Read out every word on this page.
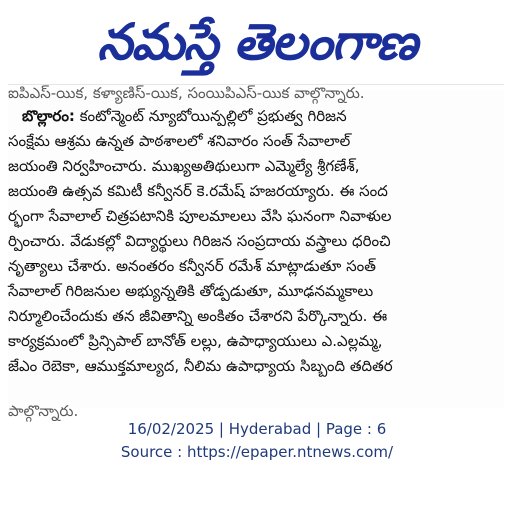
నమస్తే తెలంగాణ
ఐపిఎస్-యిక, కళ్యాణిస్-యిక, సంయిపిఎస్-యిక వాల్గొన్నారు.
బొల్లారం: కంటోన్మెంట్ న్యూబోయిన్పల్లిలో ప్రభుత్వ గిరిజన
సంక్షేమ ఆశ్రమ ఉన్నత పాఠశాలలో శనివారం సంత్ సేవాలాల్
జయంతి నిర్వహించారు. ముఖ్యఅతిథులుగా ఎమ్మెల్యే శ్రీగణేశ్,
జయంతి ఉత్సవ కమిటీ కన్వీనర్ కె.రమేష్ హజరయ్యారు. ఈ సంద
ర్భంగా సేవాలాల్ చిత్రపటానికి పూలమాలలు వేసి ఘనంగా నివాళుల
ర్పించారు. వేడుకల్లో విద్యార్థులు గిరిజన సంప్రదాయ వస్త్రాలు ధరించి
నృత్యాలు చేశారు. అనంతరం కన్వీనర్ రమేశ్ మాట్లాడుతూ సంత్
సేవాలాల్ గిరిజనుల అభ్యున్నతికి తోడ్పడుతూ, మూఢనమ్మకాలు
నిర్మూలించేందుకు తన జీవితాన్ని అంకితం చేశారని పేర్కొన్నారు. ఈ
కార్యక్రమంలో ప్రిన్సిపాల్ బానోత్ లల్లు, ఉపాధ్యాయులు ఎ.ఎల్లమ్మ,
జేఎం రెబెకా, ఆముక్తమాల్యద, నీలిమ ఉపాధ్యాయ సిబ్బంది తదితర
పాల్గొన్నారు.
16/02/2025 | Hyderabad | Page : 6
Source : https://epaper.ntnews.com/
